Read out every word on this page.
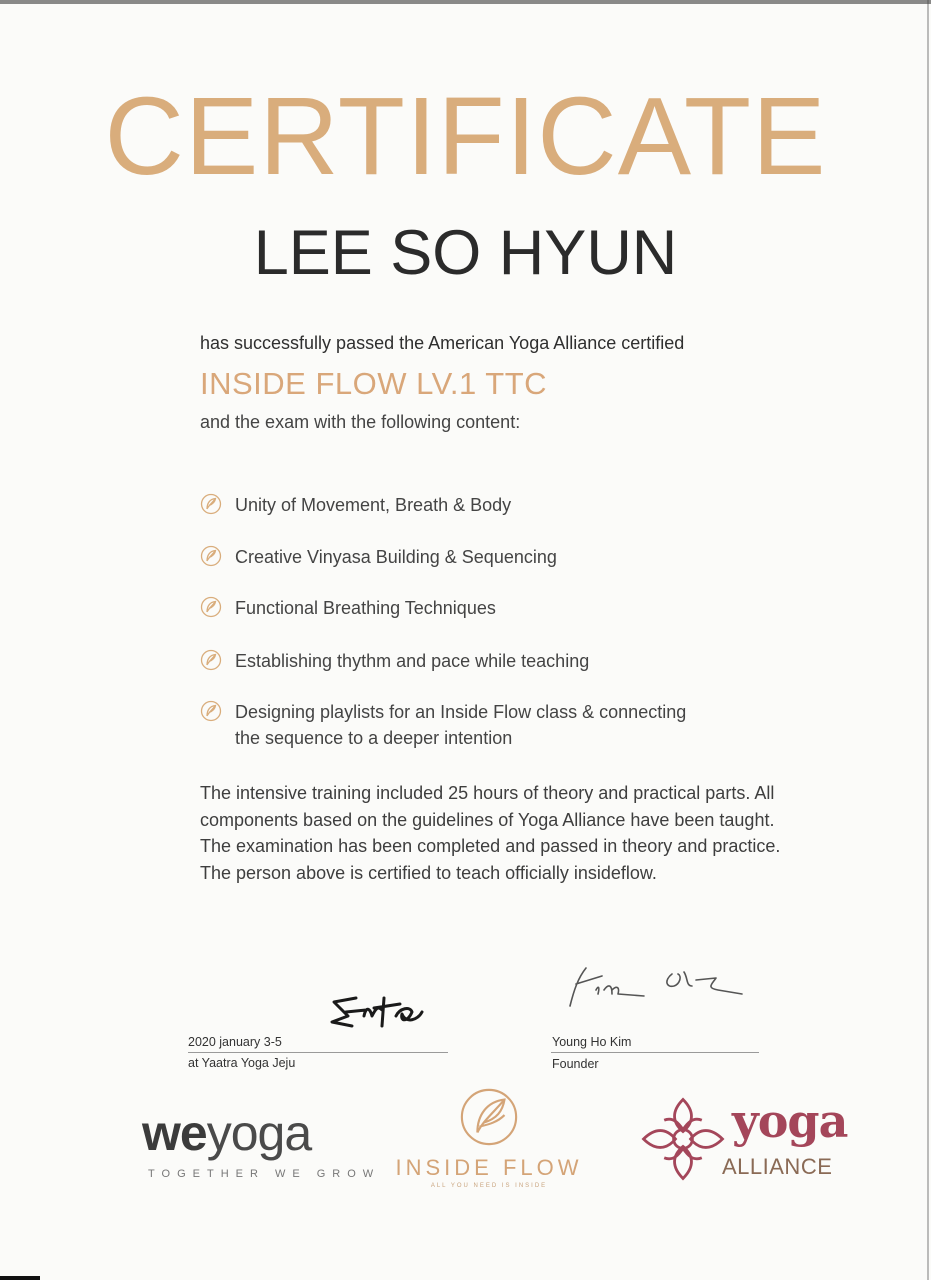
CERTIFICATE
LEE SO HYUN
has successfully passed the American Yoga Alliance certified
INSIDE FLOW LV.1 TTC
and the exam with the following content:
Unity of Movement, Breath & Body
Creative Vinyasa Building & Sequencing
Functional Breathing Techniques
Establishing thythm and pace while teaching
Designing playlists for an Inside Flow class & connecting the sequence to a deeper intention
The intensive training included 25 hours of theory and practical parts. All components based on the guidelines of Yoga Alliance have been taught. The examination has been completed and passed in theory and practice. The person above is certified to teach officially insideflow.
2020 january 3-5
at Yaatra Yoga Jeju
Young Ho Kim
Founder
weyoga
TOGETHER WE GROW INSIDE FLOW
ALL YOU NEED IS INSIDE
yoga
ALLIANCE
